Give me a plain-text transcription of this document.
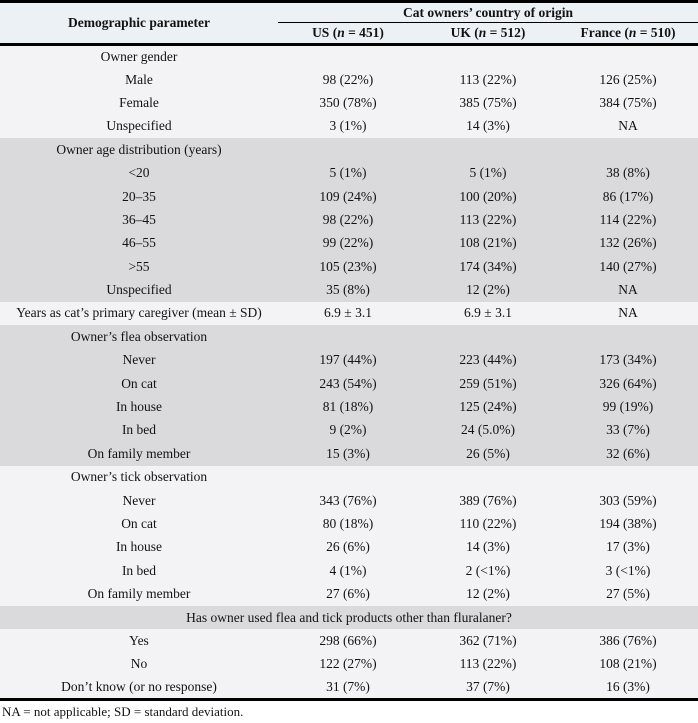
Demographic parameter	Cat owners’ country of origin		
	US (n = 451)	UK (n = 512)	France (n = 510)
Owner gender			
Male	98 (22%)	113 (22%)	126 (25%)
Female	350 (78%)	385 (75%)	384 (75%)
Unspecified	3 (1%)	14 (3%)	NA
Owner age distribution (years)			
<20	5 (1%)	5 (1%)	38 (8%)
20–35	109 (24%)	100 (20%)	86 (17%)
36–45	98 (22%)	113 (22%)	114 (22%)
46–55	99 (22%)	108 (21%)	132 (26%)
>55	105 (23%)	174 (34%)	140 (27%)
Unspecified	35 (8%)	12 (2%)	NA
Years as cat’s primary caregiver (mean ± SD)	6.9 ± 3.1	6.9 ± 3.1	NA
Owner’s flea observation			
Never	197 (44%)	223 (44%)	173 (34%)
On cat	243 (54%)	259 (51%)	326 (64%)
In house	81 (18%)	125 (24%)	99 (19%)
In bed	9 (2%)	24 (5.0%)	33 (7%)
On family member	15 (3%)	26 (5%)	32 (6%)
Owner’s tick observation			
Never	343 (76%)	389 (76%)	303 (59%)
On cat	80 (18%)	110 (22%)	194 (38%)
In house	26 (6%)	14 (3%)	17 (3%)
In bed	4 (1%)	2 (<1%)	3 (<1%)
On family member	27 (6%)	12 (2%)	27 (5%)
Has owner used flea and tick products other than fluralaner?			
Yes	298 (66%)	362 (71%)	386 (76%)
No	122 (27%)	113 (22%)	108 (21%)
Don’t know (or no response)	31 (7%)	37 (7%)	16 (3%)
NA = not applicable; SD = standard deviation.
